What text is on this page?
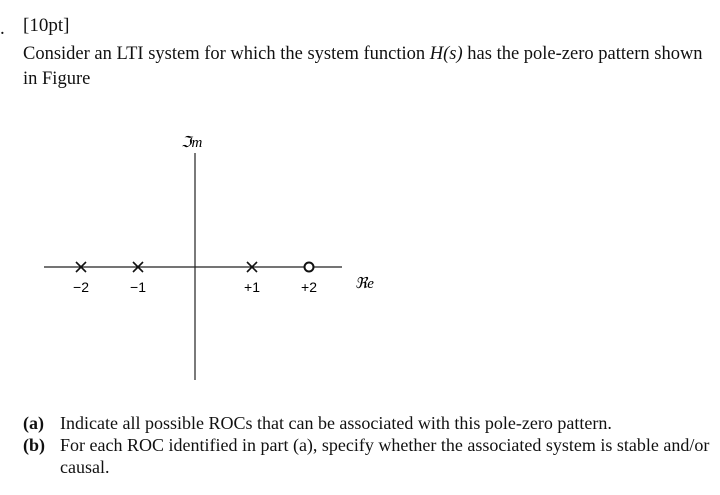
. [10pt]
Consider an LTI system for which the system function H(s) has the pole-zero pattern shown in Figure
ℑm
ℜe
−2	−1	+1	+2
(a) Indicate all possible ROCs that can be associated with this pole-zero pattern.
(b) For each ROC identified in part (a), specify whether the associated system is stable and/or causal.
